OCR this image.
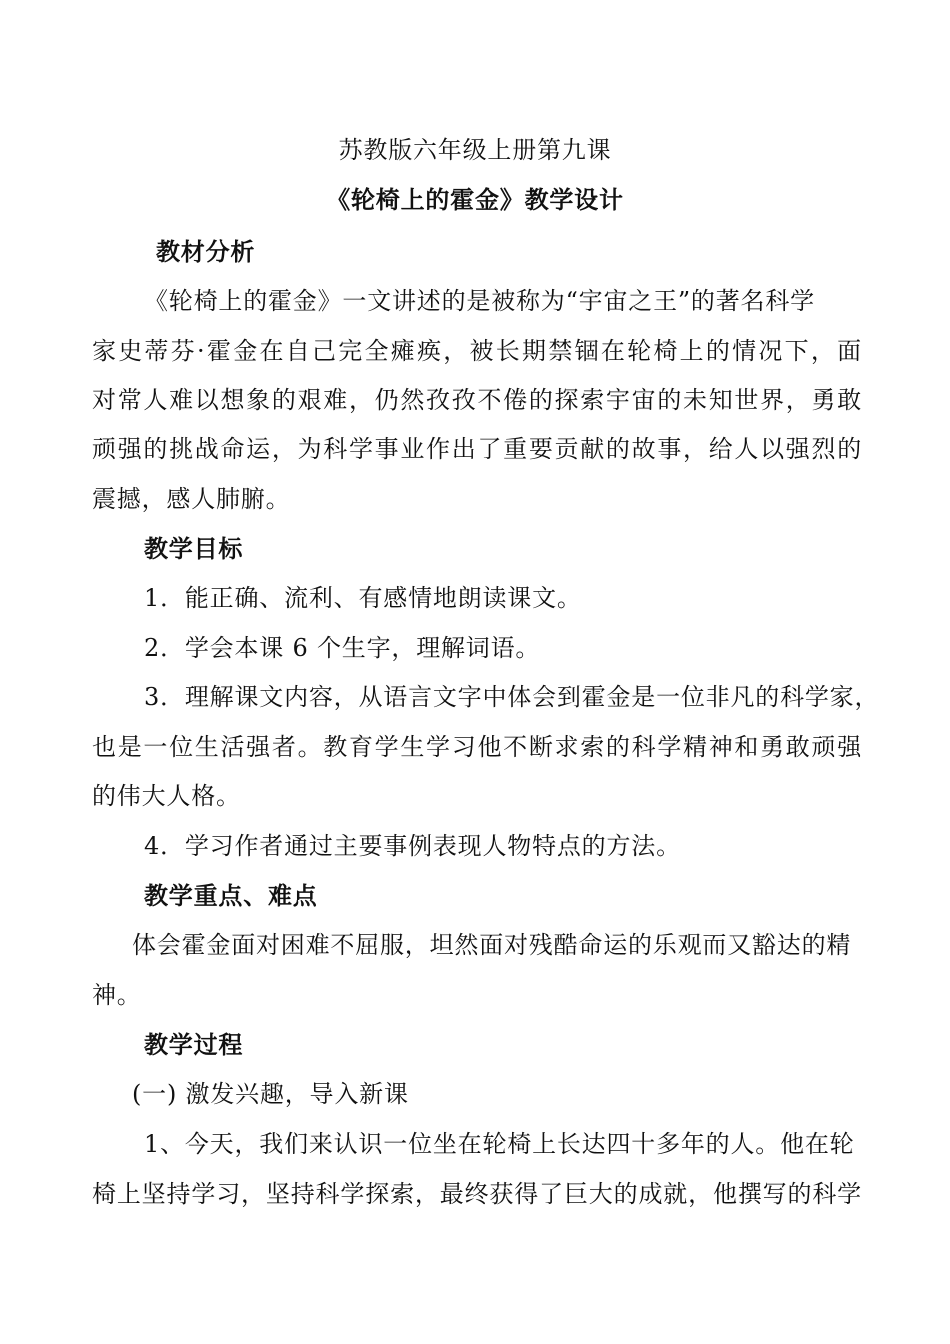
苏教版六年级上册第九课
《轮椅上的霍金》教学设计
教材分析
《轮椅上的霍金》一文讲述的是被称为“宇宙之王”的著名科学
家史蒂芬·霍金在自己完全瘫痪，被长期禁锢在轮椅上的情况下，面
对常人难以想象的艰难，仍然孜孜不倦的探索宇宙的未知世界，勇敢
顽强的挑战命运，为科学事业作出了重要贡献的故事，给人以强烈的
震撼，感人肺腑。
教学目标
1．能正确、流利、有感情地朗读课文。
2．学会本课 6 个生字，理解词语。
3．理解课文内容，从语言文字中体会到霍金是一位非凡的科学家，
也是一位生活强者。教育学生学习他不断求索的科学精神和勇敢顽强
的伟大人格。
4．学习作者通过主要事例表现人物特点的方法。
教学重点、难点
体会霍金面对困难不屈服，坦然面对残酷命运的乐观而又豁达的精
神。
教学过程
(一) 激发兴趣，导入新课
1、今天，我们来认识一位坐在轮椅上长达四十多年的人。他在轮
椅上坚持学习，坚持科学探索，最终获得了巨大的成就，他撰写的科学
